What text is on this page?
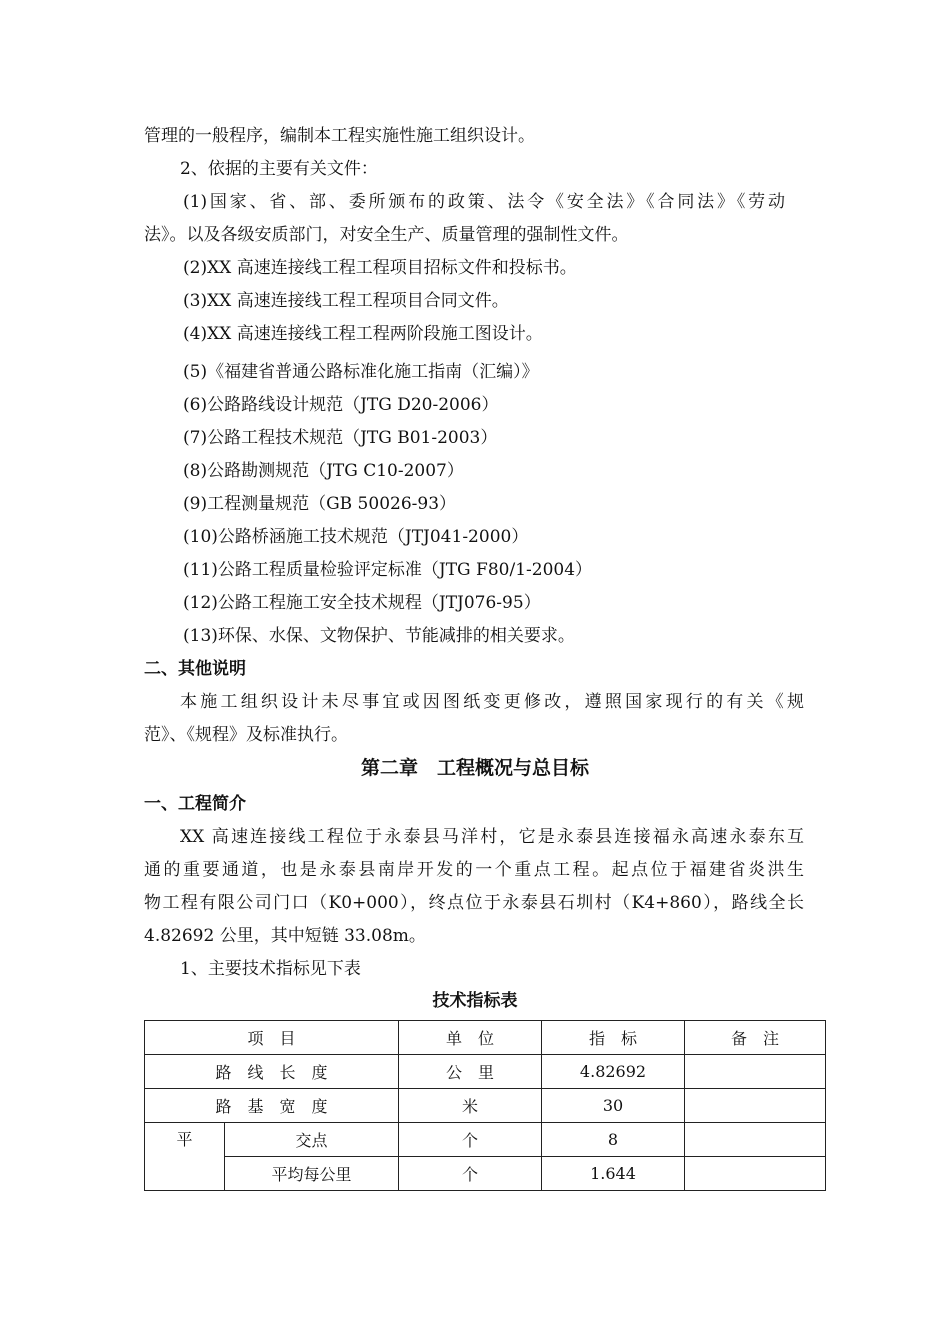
管理的一般程序，编制本工程实施性施工组织设计。
2、依据的主要有关文件：
(1)国家、省、部、委所颁布的政策、法令《安全法》《合同法》《劳动
法》。以及各级安质部门，对安全生产、质量管理的强制性文件。
(2)XX 高速连接线工程工程项目招标文件和投标书。
(3)XX 高速连接线工程工程项目合同文件。
(4)XX 高速连接线工程工程两阶段施工图设计。
(5)《福建省普通公路标准化施工指南（汇编）》
(6)公路路线设计规范（JTG D20-2006）
(7)公路工程技术规范（JTG B01-2003）
(8)公路勘测规范（JTG C10-2007）
(9)工程测量规范（GB 50026-93）
(10)公路桥涵施工技术规范（JTJ041-2000）
(11)公路工程质量检验评定标准（JTG F80/1-2004）
(12)公路工程施工安全技术规程（JTJ076-95）
(13)环保、水保、文物保护、节能减排的相关要求。
二、其他说明
本施工组织设计未尽事宜或因图纸变更修改，遵照国家现行的有关《规
范》、《规程》及标准执行。
第二章　工程概况与总目标
一、工程简介
XX 高速连接线工程位于永泰县马洋村，它是永泰县连接福永高速永泰东互
通的重要通道，也是永泰县南岸开发的一个重点工程。起点位于福建省炎洪生
物工程有限公司门口（K0+000），终点位于永泰县石圳村（K4+860），路线全长
4.82692 公里，其中短链 33.08m。
1、主要技术指标见下表
技术指标表
项　目		单　位	指　标	备　注
路　线　长　度		公　里	4.82692	
路　基　宽　度		米	30	
平	交点	个	8	
	平均每公里	个	1.644	
